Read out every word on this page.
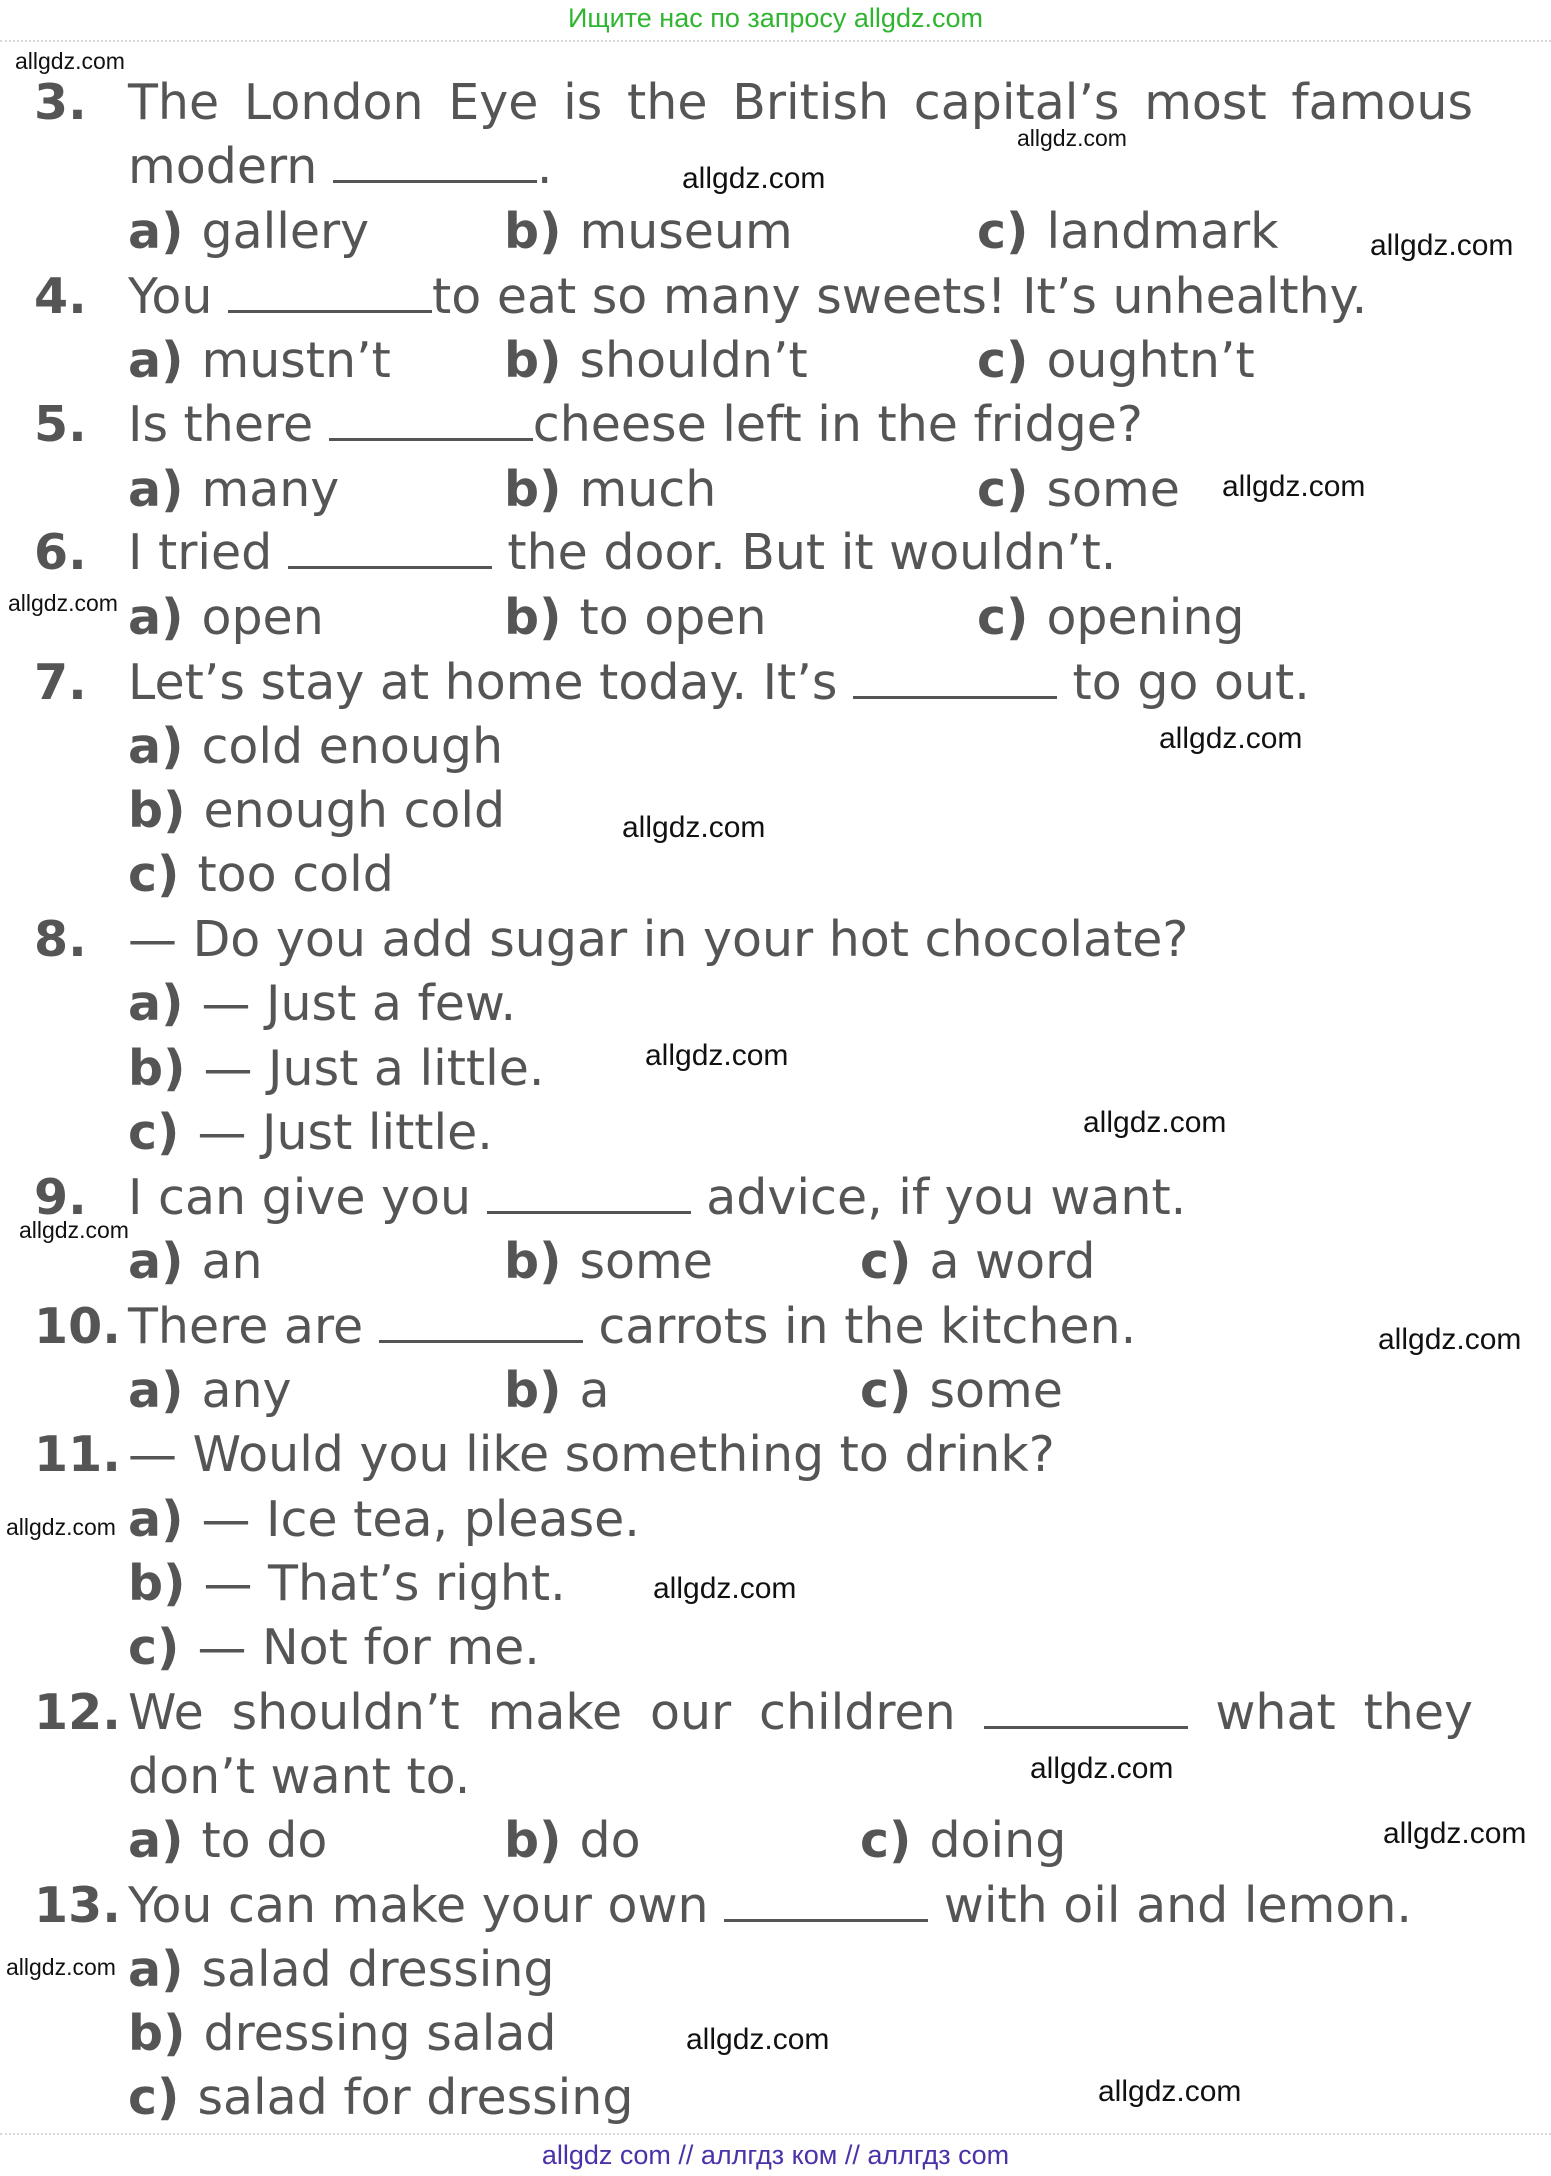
Ищите нас по запросу allgdz.com
3. The London Eye is the British capital’s most famous
modern	.
a) gallery	b) museum	c) landmark
4. You	to eat so many sweets! It’s unhealthy.
a) mustn’t b) shouldn’t	c) oughtn’t
5. Is there	cheese left in the fridge?
a) many	b) much	c) some
6. I tried	the door. But it wouldn’t.
a) open	b) to open	c) opening
7. Let’s stay at home today. It’s	to go out.
a) cold enough
b) enough cold
c) too cold
8. — Do you add sugar in your hot chocolate?
a) — Just a few.
b) — Just a little.
c) — Just little.
9. I can give you	advice, if you want.
a) an	b) some	c) a word
10. There are	carrots in the kitchen.
a) any	b) a	c) some
11. — Would you like something to drink?
a) — Ice tea, please.
b) — That’s right.
c) — Not for me.
12. We shouldn’t make our children	what they
don’t want to.
a) to do	b) do	c) doing
13. You can make your own	with oil and lemon.
a) salad dressing
b) dressing salad
c) salad for dressing
allgdz.com
allgdz.com
allgdz.com
allgdz.com
allgdz.com
allgdz.com
allgdz.com
allgdz.com
allgdz.com
allgdz.com
allgdz.com
allgdz.com
allgdz.com
allgdz.com
allgdz.com
allgdz.com
allgdz.com
allgdz.com
allgdz.com
allgdz com // аллгдз ком // аллгдз com
